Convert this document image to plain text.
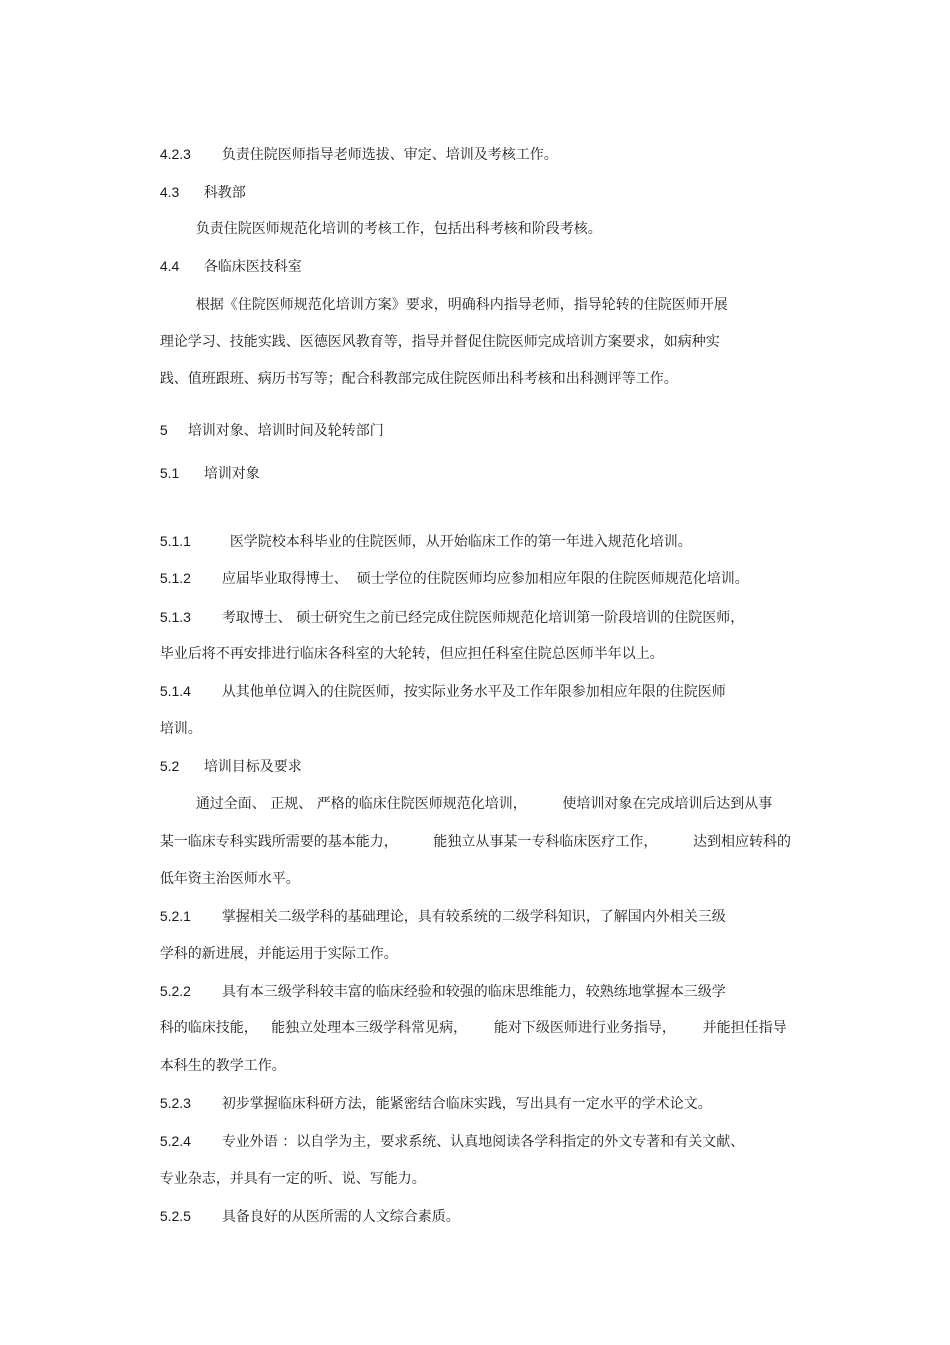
4.2.3 负责住院医师指导老师选拔、审定、培训及考核工作。

4.3 科教部

负责住院医师规范化培训的考核工作，包括出科考核和阶段考核。

4.4 各临床医技科室

根据《住院医师规范化培训方案》要求，明确科内指导老师，指导轮转的住院医师开展

理论学习、技能实践、医德医风教育等，指导并督促住院医师完成培训方案要求，如病种实

践、值班跟班、病历书写等；配合科教部完成住院医师出科考核和出科测评等工作。

5 培训对象、培训时间及轮转部门

5.1 培训对象

5.1.1	医学院校本科毕业的住院医师，从开始临床工作的第一年进入规范化培训。

5.1.2 应届毕业取得博士、  硕士学位的住院医师均应参加相应年限的住院医师规范化培训。

5.1.3 考取博士、 硕士研究生之前已经完成住院医师规范化培训第一阶段培训的住院医师，

毕业后将不再安排进行临床各科室的大轮转，但应担任科室住院总医师半年以上。

5.1.4 从其他单位调入的住院医师，按实际业务水平及工作年限参加相应年限的住院医师

培训。

5.2 培训目标及要求

通过全面、 正规、 严格的临床住院医师规范化培训，        使培训对象在完成培训后达到从事

某一临床专科实践所需要的基本能力，        能独立从事某一专科临床医疗工作，        达到相应转科的

低年资主治医师水平。

5.2.1 掌握相关二级学科的基础理论，具有较系统的二级学科知识，了解国内外相关三级

学科的新进展，并能运用于实际工作。

5.2.2 具有本三级学科较丰富的临床经验和较强的临床思维能力，较熟练地掌握本三级学

科的临床技能，   能独立处理本三级学科常见病，      能对下级医师进行业务指导，      并能担任指导

本科生的教学工作。

5.2.3 初步掌握临床科研方法，能紧密结合临床实践，写出具有一定水平的学术论文。

5.2.4 专业外语 ：以自学为主，要求系统、认真地阅读各学科指定的外文专著和有关文献、

专业杂志，并具有一定的听、说、写能力。

5.2.5 具备良好的从医所需的人文综合素质。
